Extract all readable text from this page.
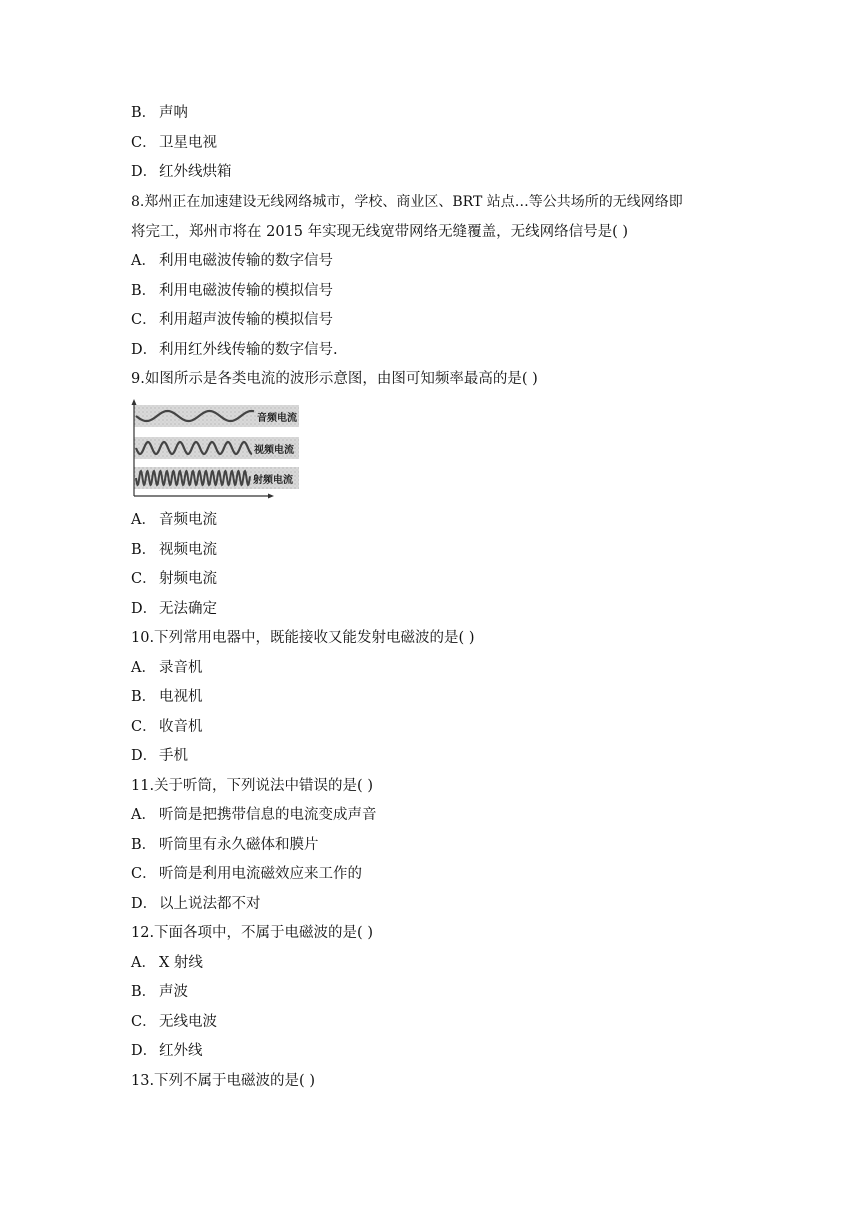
B． 声呐
C． 卫星电视
D． 红外线烘箱
8.郑州正在加速建设无线网络城市，学校、商业区、BRT 站点…等公共场所的无线网络即
将完工，郑州市将在 2015 年实现无线宽带网络无缝覆盖，无线网络信号是( )
A． 利用电磁波传输的数字信号
B． 利用电磁波传输的模拟信号
C． 利用超声波传输的模拟信号
D． 利用红外线传输的数字信号.
9.如图所示是各类电流的波形示意图，由图可知频率最高的是( )
音频电流
视频电流
射频电流
A． 音频电流
B． 视频电流
C． 射频电流
D． 无法确定
10.下列常用电器中，既能接收又能发射电磁波的是( )
A． 录音机
B． 电视机
C． 收音机
D． 手机
11.关于听筒，下列说法中错误的是( )
A． 听筒是把携带信息的电流变成声音
B． 听筒里有永久磁体和膜片
C． 听筒是利用电流磁效应来工作的
D． 以上说法都不对
12.下面各项中，不属于电磁波的是( )
A． X 射线
B． 声波
C． 无线电波
D． 红外线
13.下列不属于电磁波的是( )
